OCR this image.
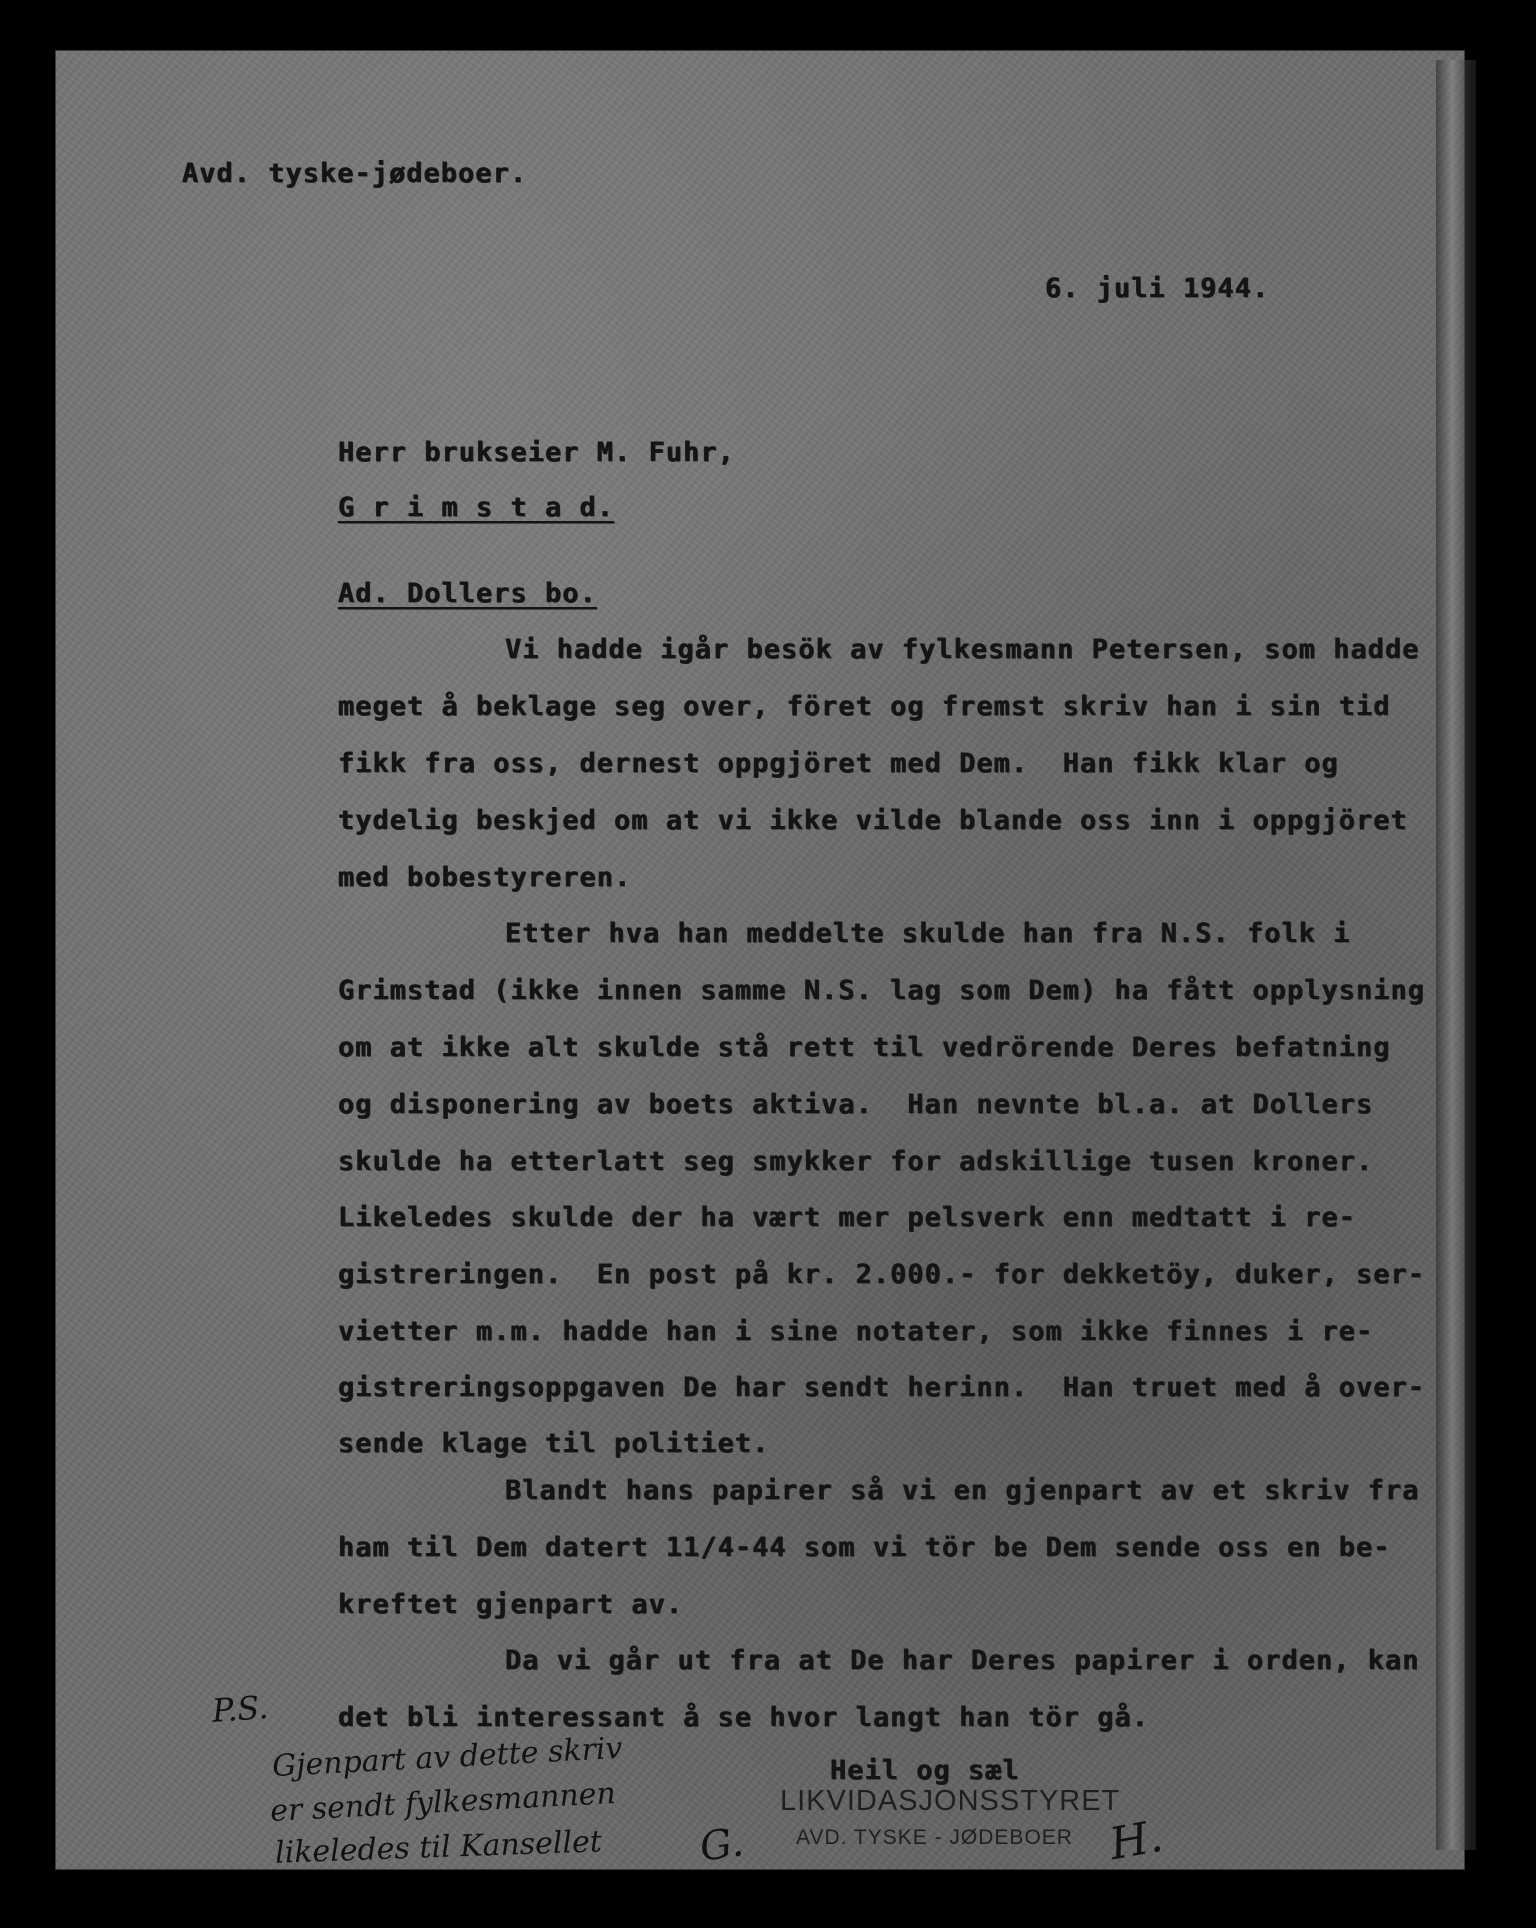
Avd. tyske-jødeboer.
6. juli 1944.
Herr brukseier M. Fuhr,
G r i m s t a d.
Ad. Dollers bo.
Vi hadde igår besök av fylkesmann Petersen, som hadde
meget å beklage seg over, föret og fremst skriv han i sin tid
fikk fra oss, dernest oppgjöret med Dem.  Han fikk klar og
tydelig beskjed om at vi ikke vilde blande oss inn i oppgjöret
med bobestyreren.
Etter hva han meddelte skulde han fra N.S. folk i
Grimstad (ikke innen samme N.S. lag som Dem) ha fått opplysning
om at ikke alt skulde stå rett til vedrörende Deres befatning
og disponering av boets aktiva.  Han nevnte bl.a. at Dollers
skulde ha etterlatt seg smykker for adskillige tusen kroner.
Likeledes skulde der ha vært mer pelsverk enn medtatt i re-
gistreringen.  En post på kr. 2.000.- for dekketöy, duker, ser-
vietter m.m. hadde han i sine notater, som ikke finnes i re-
gistreringsoppgaven De har sendt herinn.  Han truet med å over-
sende klage til politiet.
Blandt hans papirer så vi en gjenpart av et skriv fra
ham til Dem datert 11/4-44 som vi tör be Dem sende oss en be-
kreftet gjenpart av.
Da vi går ut fra at De har Deres papirer i orden, kan
det bli interessant å se hvor langt han tör gå.
Heil og sæl
LIKVIDASJONSSTYRET
AVD. TYSKE - JØDEBOER
P.S.
Gjenpart av dette skriv
er sendt fylkesmannen
likeledes til Kansellet G.	H.
